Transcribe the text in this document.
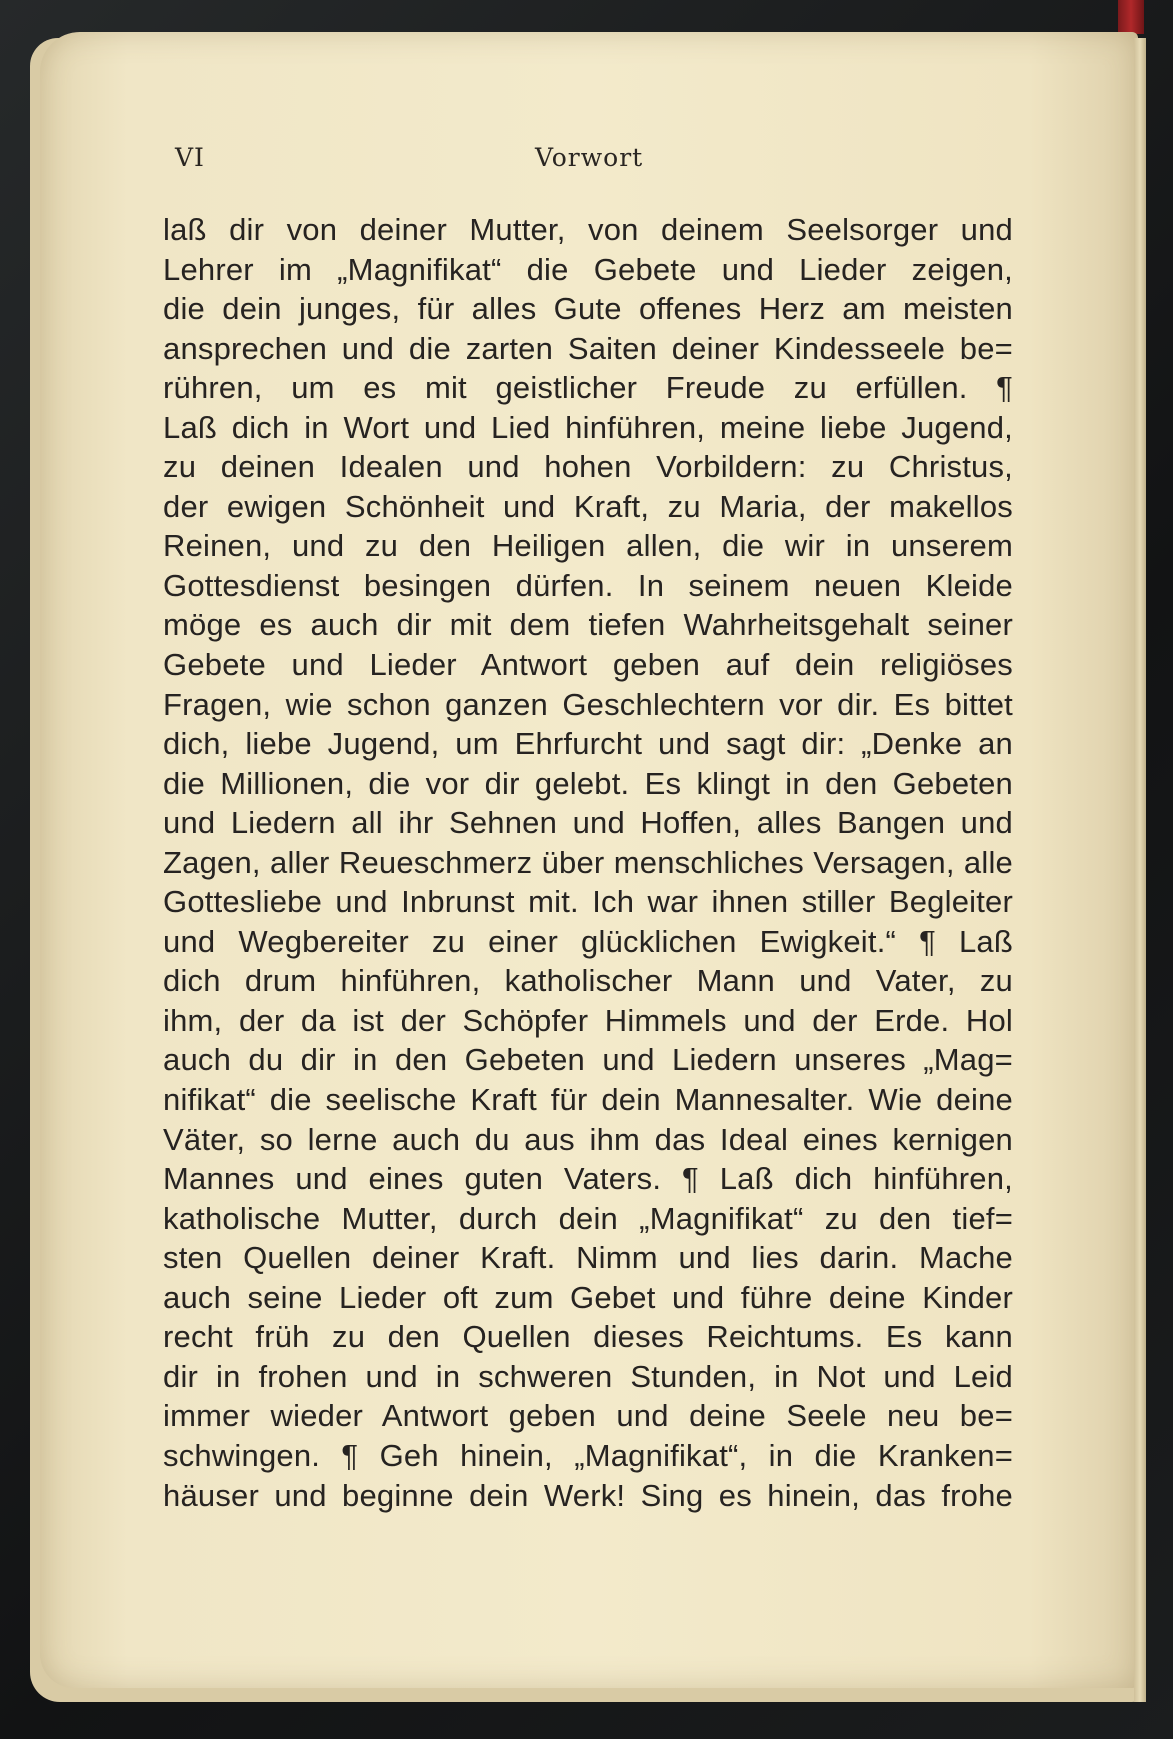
VI	Vorwort
laß dir von deiner Mutter, von deinem Seelsorger und
Lehrer im „Magnifikat“ die Gebete und Lieder zeigen,
die dein junges, für alles Gute offenes Herz am meisten
ansprechen und die zarten Saiten deiner Kindesseele be=
rühren, um es mit geistlicher Freude zu erfüllen. ¶
Laß dich in Wort und Lied hinführen, meine liebe Jugend,
zu deinen Idealen und hohen Vorbildern: zu Christus,
der ewigen Schönheit und Kraft, zu Maria, der makellos
Reinen, und zu den Heiligen allen, die wir in unserem
Gottesdienst besingen dürfen. In seinem neuen Kleide
möge es auch dir mit dem tiefen Wahrheitsgehalt seiner
Gebete und Lieder Antwort geben auf dein religiöses
Fragen, wie schon ganzen Geschlechtern vor dir. Es bittet
dich, liebe Jugend, um Ehrfurcht und sagt dir: „Denke an
die Millionen, die vor dir gelebt. Es klingt in den Gebeten
und Liedern all ihr Sehnen und Hoffen, alles Bangen und
Zagen, aller Reueschmerz über menschliches Versagen, alle
Gottesliebe und Inbrunst mit. Ich war ihnen stiller Begleiter
und Wegbereiter zu einer glücklichen Ewigkeit.“ ¶ Laß
dich drum hinführen, katholischer Mann und Vater, zu
ihm, der da ist der Schöpfer Himmels und der Erde. Hol
auch du dir in den Gebeten und Liedern unseres „Mag=
nifikat“ die seelische Kraft für dein Mannesalter. Wie deine
Väter, so lerne auch du aus ihm das Ideal eines kernigen
Mannes und eines guten Vaters. ¶ Laß dich hinführen,
katholische Mutter, durch dein „Magnifikat“ zu den tief=
sten Quellen deiner Kraft. Nimm und lies darin. Mache
auch seine Lieder oft zum Gebet und führe deine Kinder
recht früh zu den Quellen dieses Reichtums. Es kann
dir in frohen und in schweren Stunden, in Not und Leid
immer wieder Antwort geben und deine Seele neu be=
schwingen. ¶ Geh hinein, „Magnifikat“, in die Kranken=
häuser und beginne dein Werk! Sing es hinein, das frohe
